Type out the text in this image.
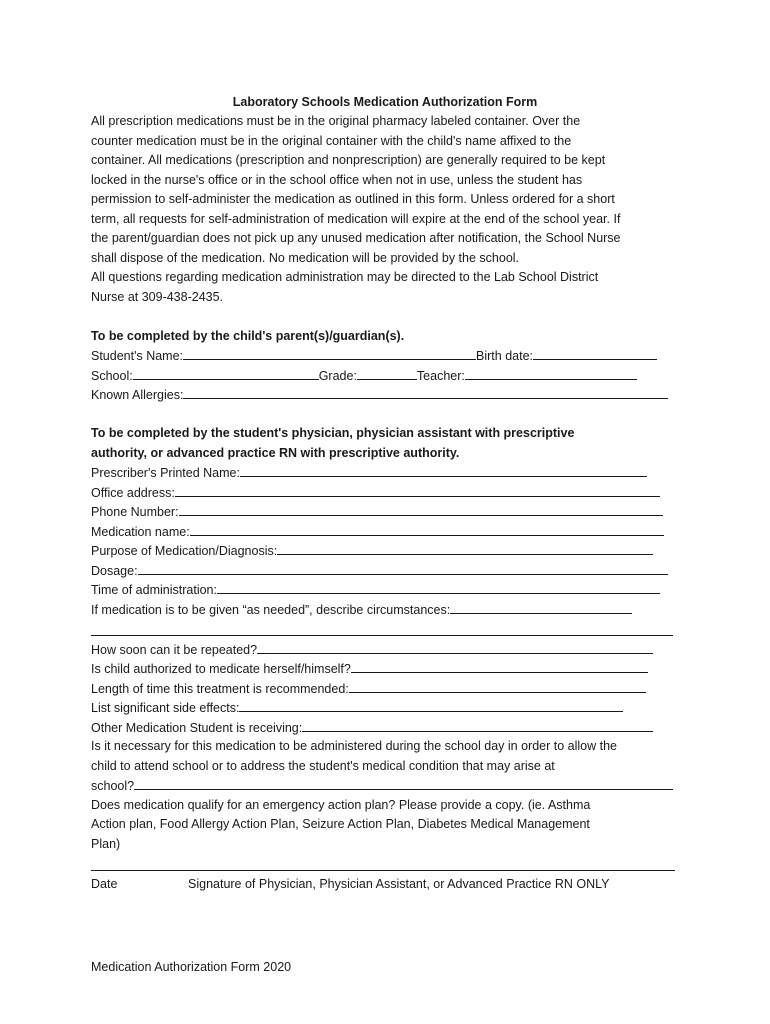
Laboratory Schools Medication Authorization Form
All prescription medications must be in the original pharmacy labeled container. Over the
counter medication must be in the original container with the child's name affixed to the
container. All medications (prescription and nonprescription) are generally required to be kept
locked in the nurse's office or in the school office when not in use, unless the student has
permission to self-administer the medication as outlined in this form. Unless ordered for a short
term, all requests for self-administration of medication will expire at the end of the school year. If
the parent/guardian does not pick up any unused medication after notification, the School Nurse
shall dispose of the medication. No medication will be provided by the school.
All questions regarding medication administration may be directed to the Lab School District
Nurse at 309-438-2435.
To be completed by the child's parent(s)/guardian(s).
Student's Name:	Birth date:
School:	Grade:	Teacher:
Known Allergies:
To be completed by the student's physician, physician assistant with prescriptive
authority, or advanced practice RN with prescriptive authority.
Prescriber's Printed Name:
Office address:
Phone Number:
Medication name:
Purpose of Medication/Diagnosis:
Dosage:
Time of administration:
If medication is to be given “as needed”, describe circumstances:
How soon can it be repeated?
Is child authorized to medicate herself/himself?
Length of time this treatment is recommended:
List significant side effects:
Other Medication Student is receiving:
Is it necessary for this medication to be administered during the school day in order to allow the
child to attend school or to address the student's medical condition that may arise at
school?
Does medication qualify for an emergency action plan? Please provide a copy. (ie. Asthma
Action plan, Food Allergy Action Plan, Seizure Action Plan, Diabetes Medical Management
Plan)
Date	Signature of Physician, Physician Assistant, or Advanced Practice RN ONLY
Medication Authorization Form 2020
